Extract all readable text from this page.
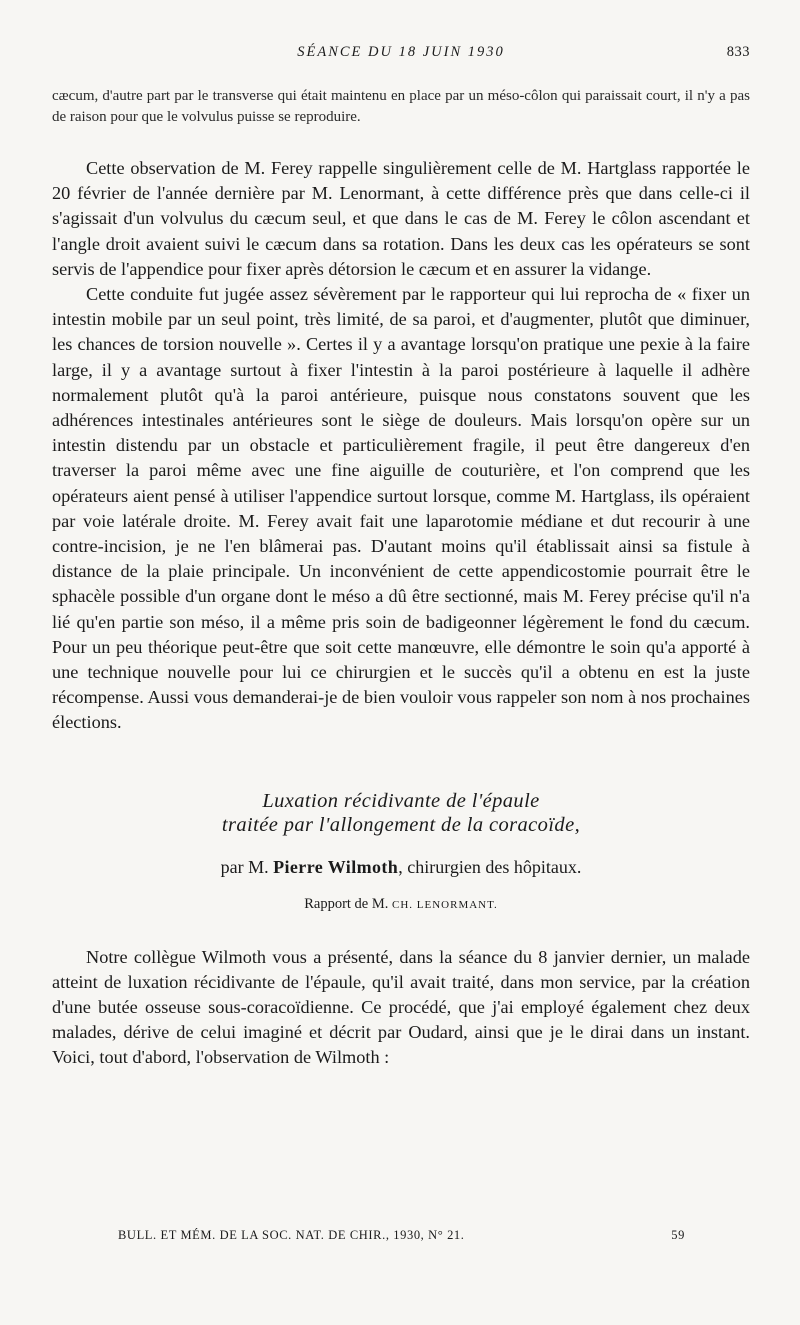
SÉANCE DU 18 JUIN 1930	833
cæcum, d'autre part par le transverse qui était maintenu en place par un méso-côlon qui paraissait court, il n'y a pas de raison pour que le volvulus puisse se reproduire.

Cette observation de M. Ferey rappelle singulièrement celle de M. Hartglass rapportée le 20 février de l'année dernière par M. Lenormant, à cette différence près que dans celle-ci il s'agissait d'un volvulus du cæcum seul, et que dans le cas de M. Ferey le côlon ascendant et l'angle droit avaient suivi le cæcum dans sa rotation. Dans les deux cas les opérateurs se sont servis de l'appendice pour fixer après détorsion le cæcum et en assurer la vidange.

Cette conduite fut jugée assez sévèrement par le rapporteur qui lui reprocha de « fixer un intestin mobile par un seul point, très limité, de sa paroi, et d'augmenter, plutôt que diminuer, les chances de torsion nouvelle ». Certes il y a avantage lorsqu'on pratique une pexie à la faire large, il y a avantage surtout à fixer l'intestin à la paroi postérieure à laquelle il adhère normalement plutôt qu'à la paroi antérieure, puisque nous constatons souvent que les adhérences intestinales antérieures sont le siège de douleurs. Mais lorsqu'on opère sur un intestin distendu par un obstacle et particulièrement fragile, il peut être dangereux d'en traverser la paroi même avec une fine aiguille de couturière, et l'on comprend que les opérateurs aient pensé à utiliser l'appendice surtout lorsque, comme M. Hartglass, ils opéraient par voie latérale droite. M. Ferey avait fait une laparotomie médiane et dut recourir à une contre-incision, je ne l'en blâmerai pas. D'autant moins qu'il établissait ainsi sa fistule à distance de la plaie principale. Un inconvénient de cette appendicostomie pourrait être le sphacèle possible d'un organe dont le méso a dû être sectionné, mais M. Ferey précise qu'il n'a lié qu'en partie son méso, il a même pris soin de badigeonner légèrement le fond du cæcum. Pour un peu théorique peut-être que soit cette manœuvre, elle démontre le soin qu'a apporté à une technique nouvelle pour lui ce chirurgien et le succès qu'il a obtenu en est la juste récompense. Aussi vous demanderai-je de bien vouloir vous rappeler son nom à nos prochaines élections.

Luxation récidivante de l'épaule
traitée par l'allongement de la coracoïde,
par M. Pierre Wilmoth, chirurgien des hôpitaux.
Rapport de M. CH. LENORMANT.

Notre collègue Wilmoth vous a présenté, dans la séance du 8 janvier dernier, un malade atteint de luxation récidivante de l'épaule, qu'il avait traité, dans mon service, par la création d'une butée osseuse sous-coracoïdienne. Ce procédé, que j'ai employé également chez deux malades, dérive de celui imaginé et décrit par Oudard, ainsi que je le dirai dans un instant. Voici, tout d'abord, l'observation de Wilmoth :

BULL. ET MÉM. DE LA SOC. NAT. DE CHIR., 1930, N° 21.	59
